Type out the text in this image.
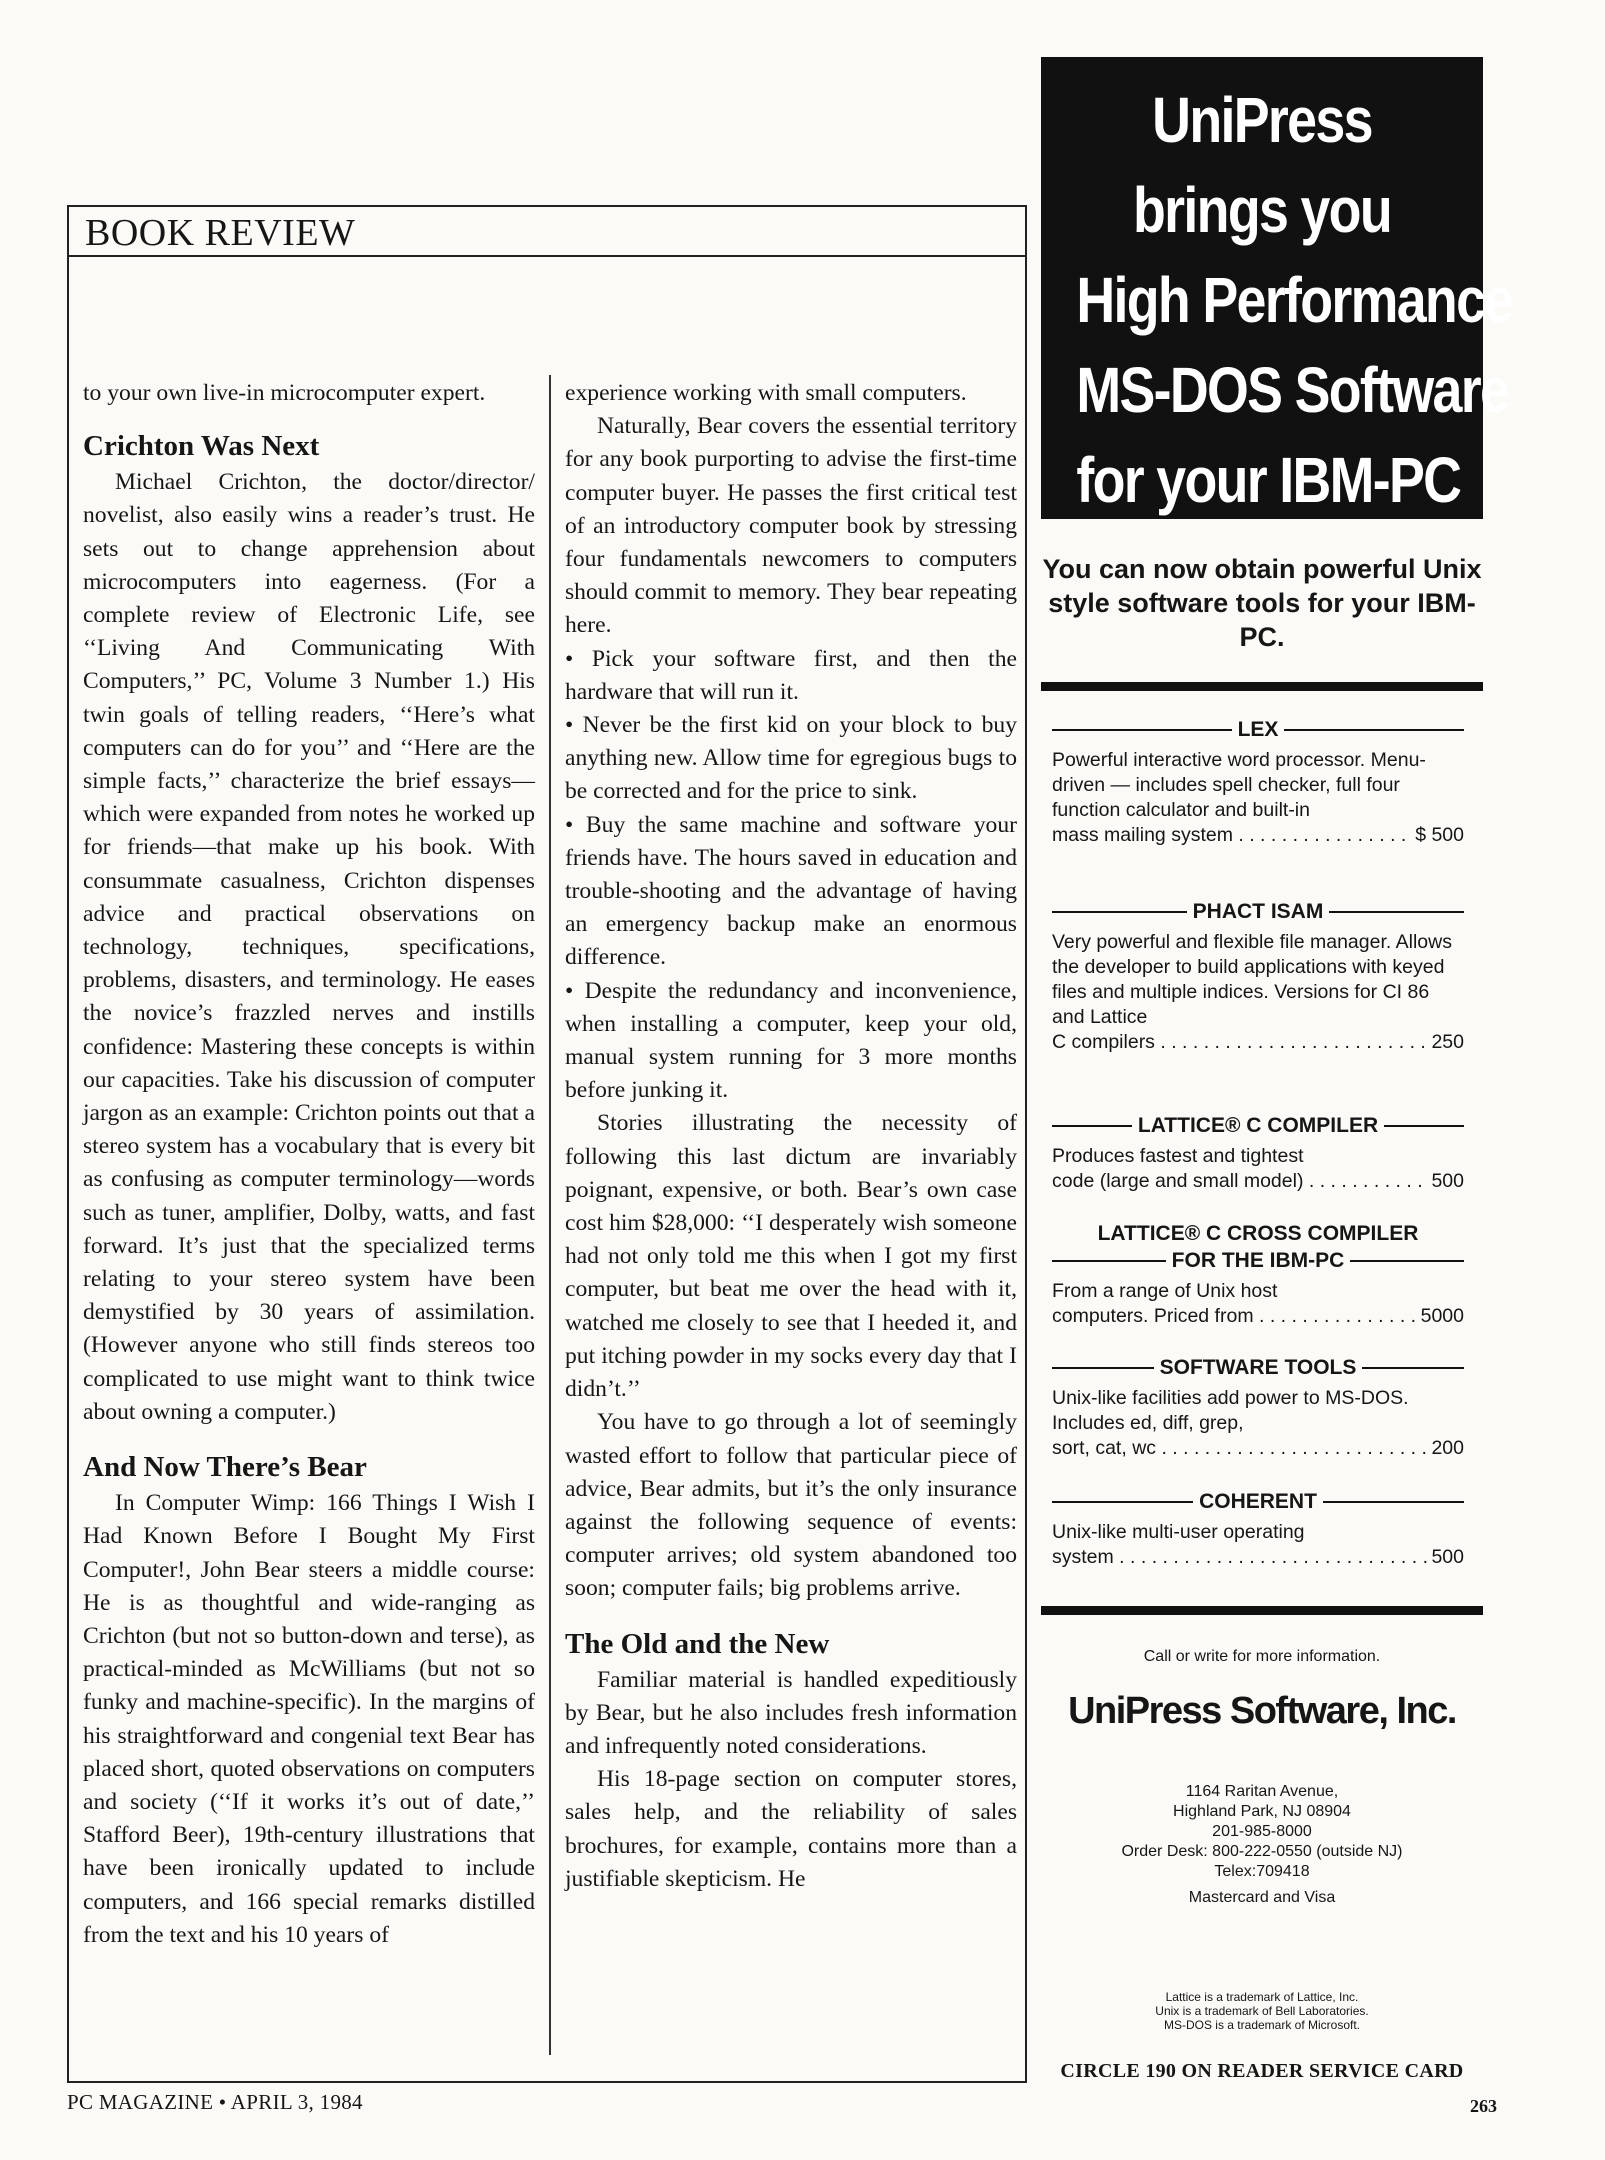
BOOK REVIEW

to your own live-in microcomputer expert.

Crichton Was Next

Michael Crichton, the doctor/director/ novelist, also easily wins a reader’s trust. He sets out to change apprehension about microcomputers into eagerness. (For a complete review of Electronic Life, see ‘‘Living And Communicating With Computers,’’ PC, Volume 3 Number 1.) His twin goals of telling readers, ‘‘Here’s what computers can do for you’’ and ‘‘Here are the simple facts,’’ characterize the brief essays—which were expanded from notes he worked up for friends—that make up his book. With consummate casualness, Crichton dispenses advice and practical observations on technology, techniques, specifications, problems, disasters, and terminology. He eases the novice’s frazzled nerves and instills confidence: Mastering these concepts is within our capacities. Take his discussion of computer jargon as an example: Crichton points out that a stereo system has a vocabulary that is every bit as confusing as computer terminology—words such as tuner, amplifier, Dolby, watts, and fast forward. It’s just that the specialized terms relating to your stereo system have been demystified by 30 years of assimilation. (However anyone who still finds stereos too complicated to use might want to think twice about owning a computer.)

And Now There’s Bear

In Computer Wimp: 166 Things I Wish I Had Known Before I Bought My First Computer!, John Bear steers a middle course: He is as thoughtful and wide-ranging as Crichton (but not so button-down and terse), as practical-minded as McWilliams (but not so funky and machine-specific). In the margins of his straightforward and congenial text Bear has placed short, quoted observations on computers and society (‘‘If it works it’s out of date,’’ Stafford Beer), 19th-century illustrations that have been ironically updated to include computers, and 166 special remarks distilled from the text and his 10 years of

experience working with small computers.

Naturally, Bear covers the essential territory for any book purporting to advise the first-time computer buyer. He passes the first critical test of an introductory computer book by stressing four fundamentals newcomers to computers should commit to memory. They bear repeating here.

• Pick your software first, and then the hardware that will run it.

• Never be the first kid on your block to buy anything new. Allow time for egregious bugs to be corrected and for the price to sink.

• Buy the same machine and software your friends have. The hours saved in education and trouble-shooting and the advantage of having an emergency backup make an enormous difference.

• Despite the redundancy and inconvenience, when installing a computer, keep your old, manual system running for 3 more months before junking it.

Stories illustrating the necessity of following this last dictum are invariably poignant, expensive, or both. Bear’s own case cost him $28,000: ‘‘I desperately wish someone had not only told me this when I got my first computer, but beat me over the head with it, watched me closely to see that I heeded it, and put itching powder in my socks every day that I didn’t.’’

You have to go through a lot of seemingly wasted effort to follow that particular piece of advice, Bear admits, but it’s the only insurance against the following sequence of events: computer arrives; old system abandoned too soon; computer fails; big problems arrive.

The Old and the New

Familiar material is handled expeditiously by Bear, but he also includes fresh information and infrequently noted considerations.

His 18-page section on computer stores, sales help, and the reliability of sales brochures, for example, contains more than a justifiable skepticism. He

PC MAGAZINE • APRIL 3, 1984
UniPress
brings you
High Performance
MS-DOS Software
for your IBM-PC
You can now obtain powerful Unix style software tools for your IBM-PC.
LEX
Powerful interactive word processor. Menu-driven — includes spell checker, full four function calculator and built-in
mass mailing system . . .	$ 500
PHACT ISAM
Very powerful and flexible file manager. Allows the developer to build applications with keyed files and multiple indices. Versions for CI 86 and Lattice
C compilers . . .	250
LATTICE® C COMPILER
Produces fastest and tightest
code (large and small model) . . .	500
LATTICE® C CROSS COMPILER
FOR THE IBM-PC
From a range of Unix host
computers. Priced from . . .	5000
SOFTWARE TOOLS
Unix-like facilities add power to MS-DOS. Includes ed, diff, grep,
sort, cat, wc . . .	200
COHERENT
Unix-like multi-user operating
system . . .	500
Call or write for more information.
UniPress Software, Inc.
1164 Raritan Avenue,
Highland Park, NJ 08904
201-985-8000
Order Desk: 800-222-0550 (outside NJ)
Telex:709418
Mastercard and Visa
Lattice is a trademark of Lattice, Inc.
Unix is a trademark of Bell Laboratories.
MS-DOS is a trademark of Microsoft.
CIRCLE 190 ON READER SERVICE CARD
263
